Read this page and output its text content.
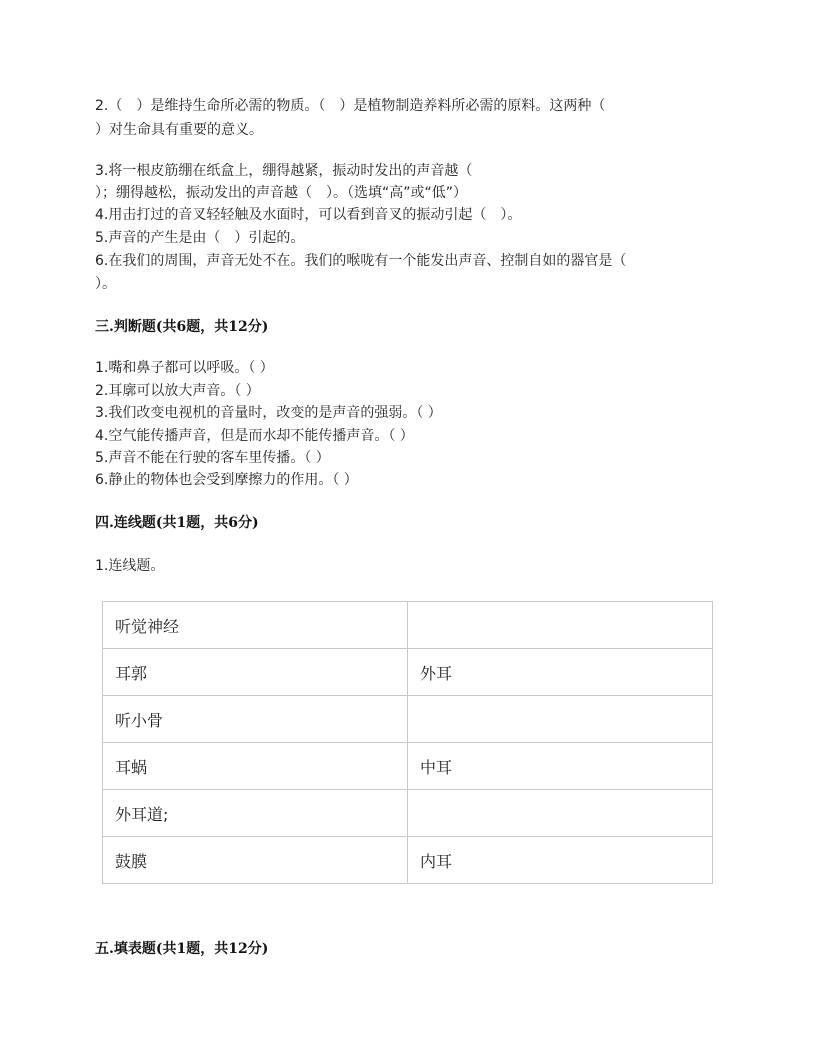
2.（　）是维持生命所必需的物质。（　）是植物制造养料所必需的原料。这两种（
）对生命具有重要的意义。
3.将一根皮筋绷在纸盒上，绷得越紧，振动时发出的声音越（
）；绷得越松，振动发出的声音越（　）。（选填“高”或“低”）
4.用击打过的音叉轻轻触及水面时，可以看到音叉的振动引起（　）。
5.声音的产生是由（　）引起的。
6.在我们的周围，声音无处不在。我们的喉咙有一个能发出声音、控制自如的器官是（
）。
三.判断题(共6题，共12分)
1.嘴和鼻子都可以呼吸。（ ）
2.耳廓可以放大声音。（ ）
3.我们改变电视机的音量时，改变的是声音的强弱。（ ）
4.空气能传播声音，但是而水却不能传播声音。（ ）
5.声音不能在行驶的客车里传播。（ ）
6.静止的物体也会受到摩擦力的作用。（ ）
四.连线题(共1题，共6分)
1.连线题。
听觉神经	
耳郭	外耳
听小骨	
耳蜗	中耳
外耳道;	
鼓膜	内耳
五.填表题(共1题，共12分)
